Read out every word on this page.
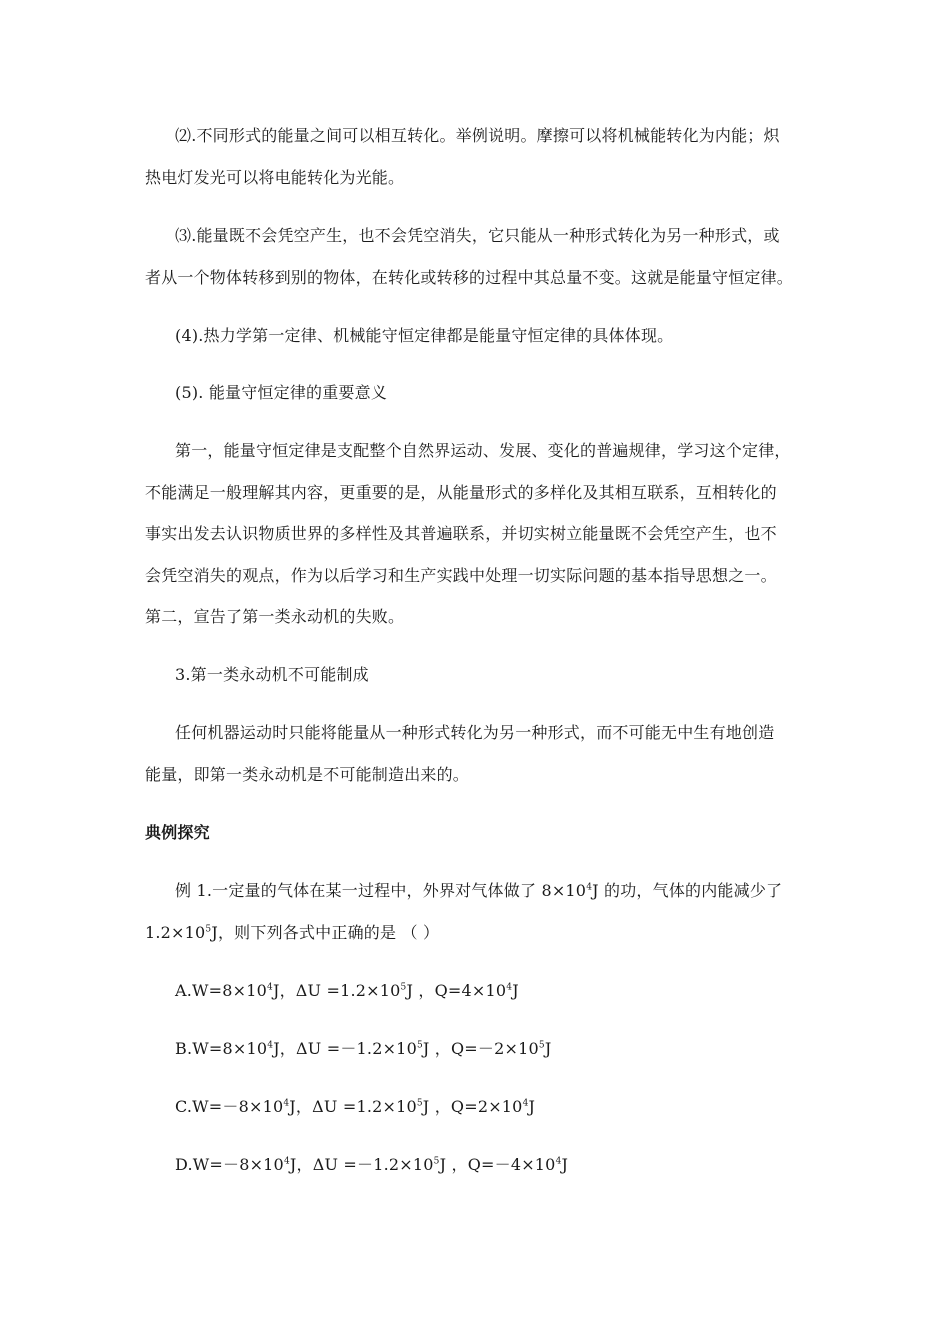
⑵.不同形式的能量之间可以相互转化。举例说明。摩擦可以将机械能转化为内能；炽
热电灯发光可以将电能转化为光能。
⑶.能量既不会凭空产生，也不会凭空消失，它只能从一种形式转化为另一种形式，或
者从一个物体转移到别的物体，在转化或转移的过程中其总量不变。这就是能量守恒定律。
(4).热力学第一定律、机械能守恒定律都是能量守恒定律的具体体现。
(5). 能量守恒定律的重要意义
第一，能量守恒定律是支配整个自然界运动、发展、变化的普遍规律，学习这个定律，
不能满足一般理解其内容，更重要的是，从能量形式的多样化及其相互联系，互相转化的
事实出发去认识物质世界的多样性及其普遍联系，并切实树立能量既不会凭空产生，也不
会凭空消失的观点，作为以后学习和生产实践中处理一切实际问题的基本指导思想之一。
第二，宣告了第一类永动机的失败。
3.第一类永动机不可能制成
任何机器运动时只能将能量从一种形式转化为另一种形式，而不可能无中生有地创造
能量，即第一类永动机是不可能制造出来的。
典例探究
例 1.一定量的气体在某一过程中，外界对气体做了 $8\times 10^4J$ 的功，气体的内能减少了
$1.2\times 10^5J$，则下列各式中正确的是 （ ）
$A.W=8\times 10^4J$，$\Delta U =1.2\times 10^5J$ ，$Q=4\times 10^4J$
$B.W=8\times 10^4J$，$\Delta U =-1.2\times 10^5J$ ，$Q=-2\times 10^5J$
$C.W=-8\times 10^4J$，$\Delta U =1.2\times 10^5J$ ，$Q=2\times 10^4J$
$D.W=-8\times 10^4J$，$\Delta U =-1.2\times 10^5J$ ，$Q=-4\times 10^4J$
